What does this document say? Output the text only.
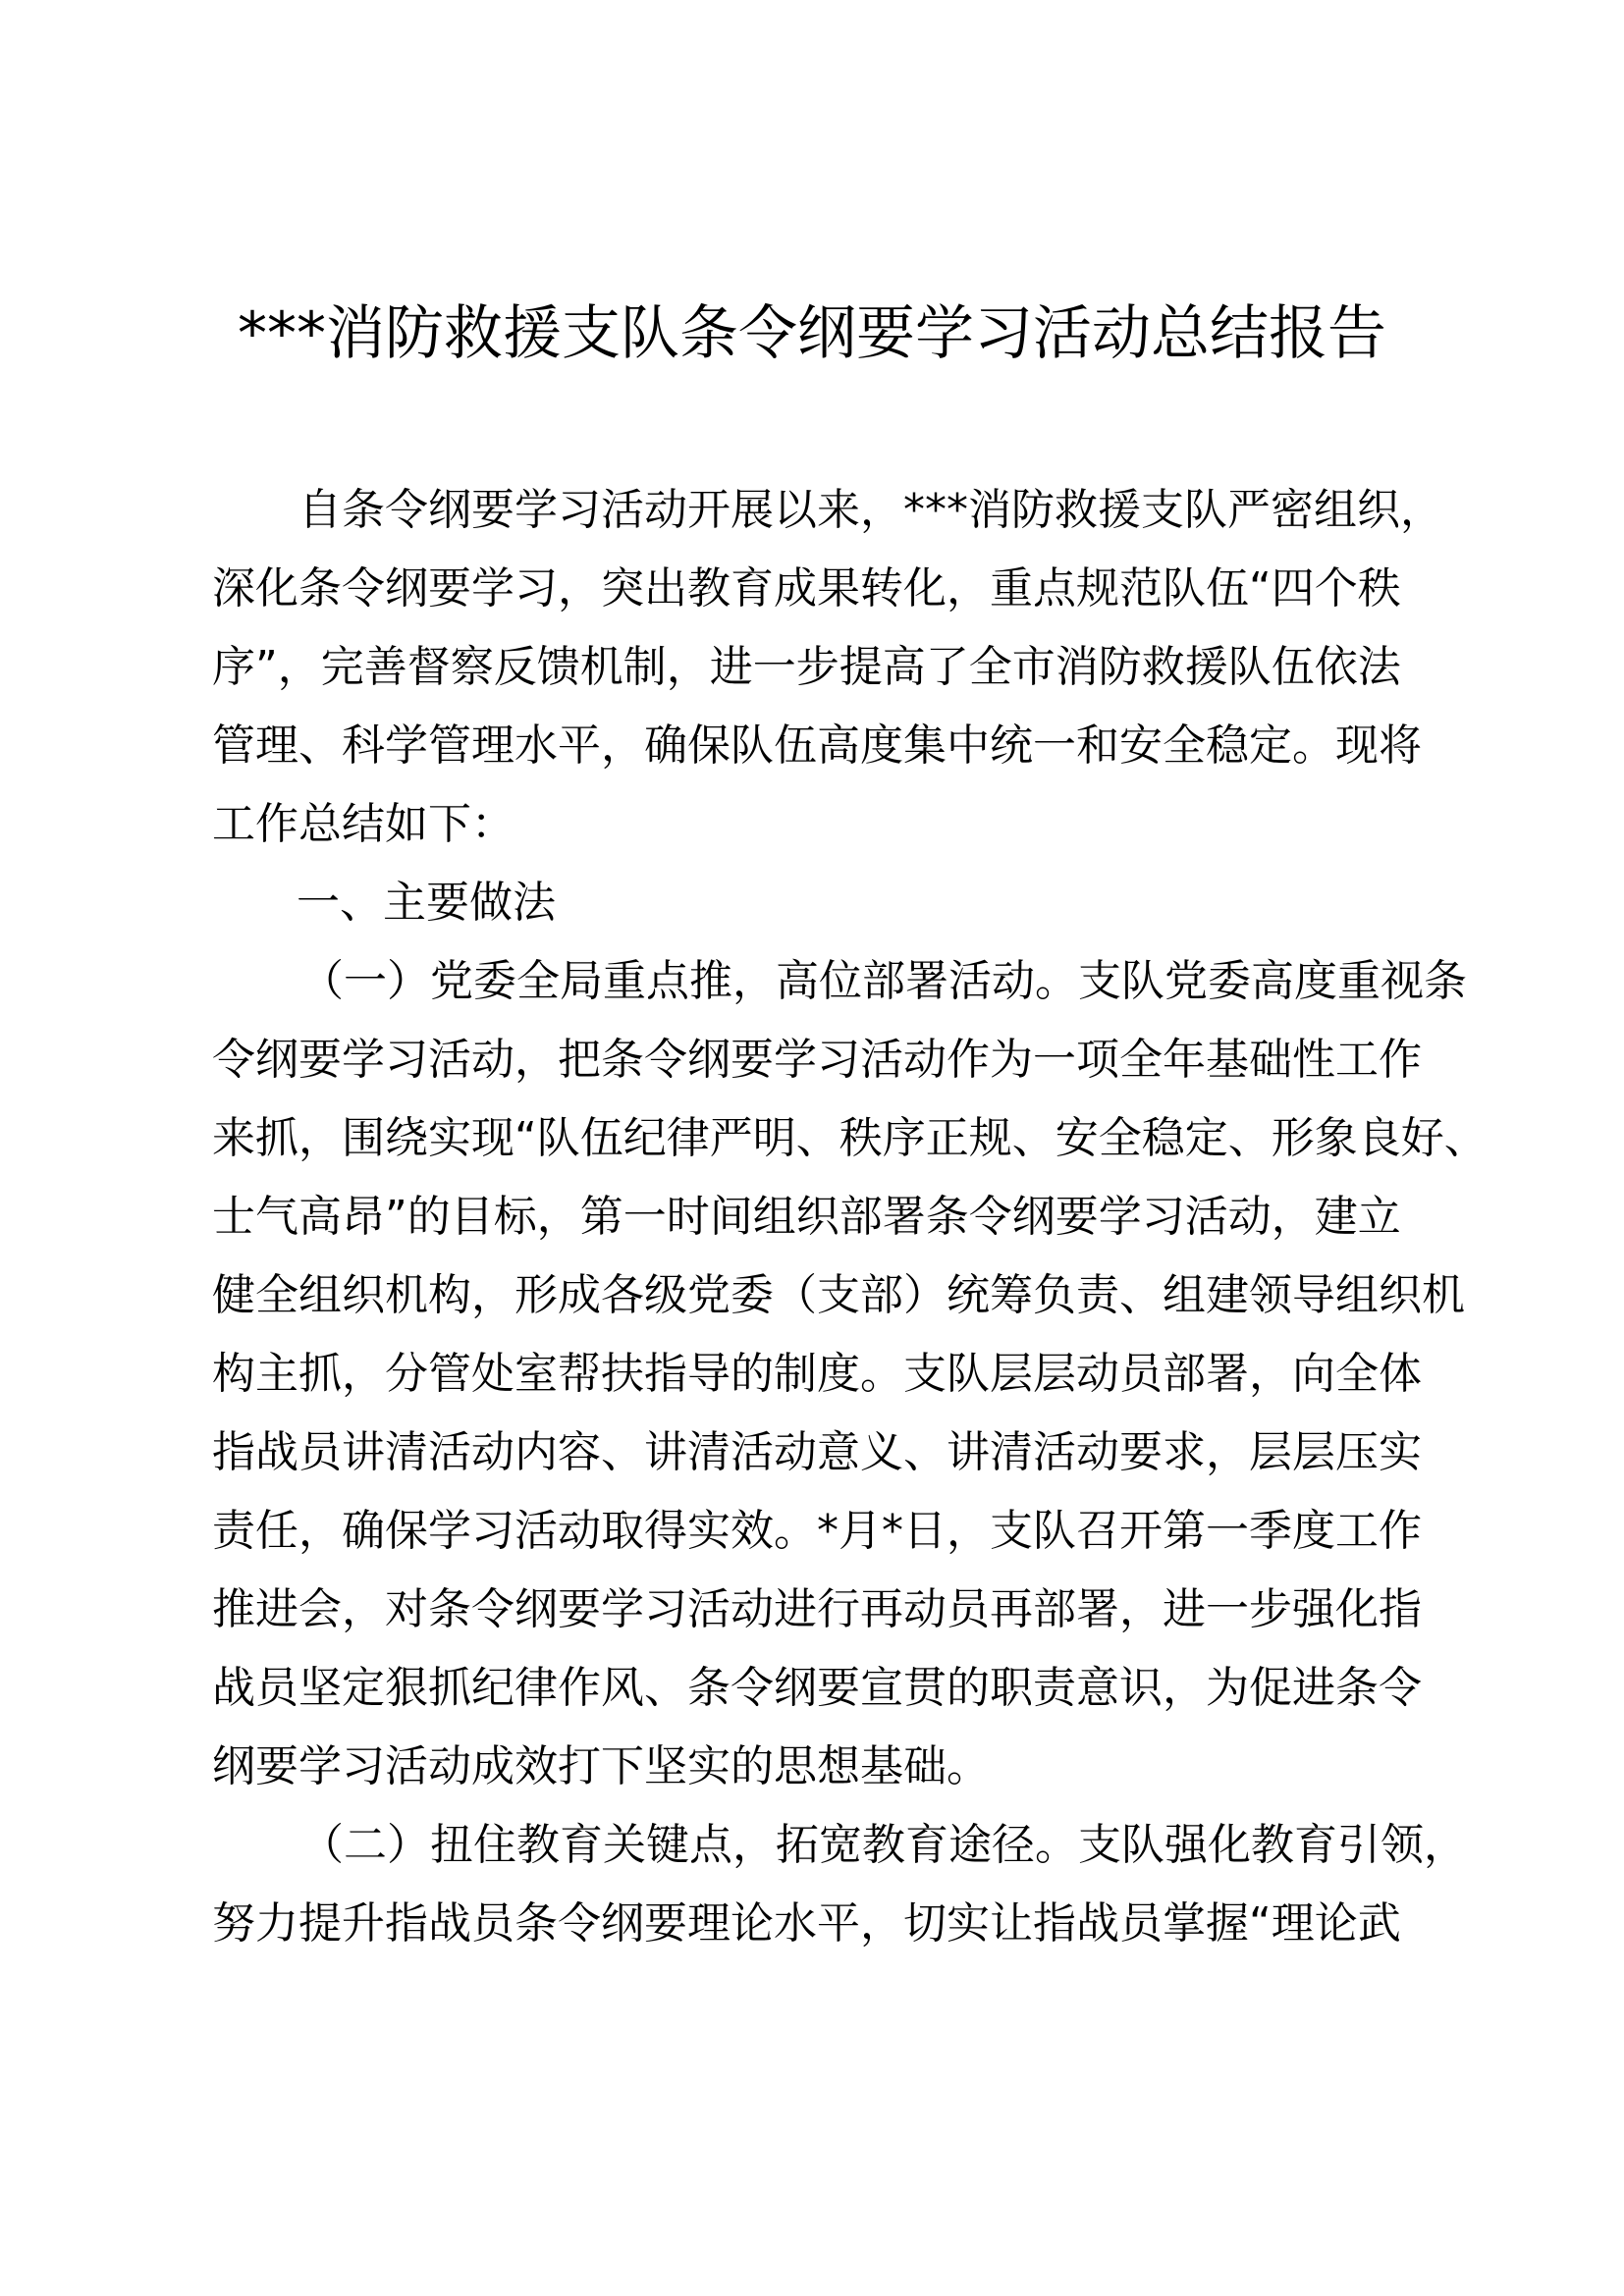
***消防救援支队条令纲要学习活动总结报告
自条令纲要学习活动开展以来，***消防救援支队严密组织，
深化条令纲要学习，突出教育成果转化，重点规范队伍“四个秩
序”，完善督察反馈机制，进一步提高了全市消防救援队伍依法
管理、科学管理水平，确保队伍高度集中统一和安全稳定。现将
工作总结如下：
一、主要做法
（一）党委全局重点推，高位部署活动。支队党委高度重视条
令纲要学习活动，把条令纲要学习活动作为一项全年基础性工作
来抓，围绕实现“队伍纪律严明、秩序正规、安全稳定、形象良好、
士气高昂”的目标，第一时间组织部署条令纲要学习活动，建立
健全组织机构，形成各级党委（支部）统筹负责、组建领导组织机
构主抓，分管处室帮扶指导的制度。支队层层动员部署，向全体
指战员讲清活动内容、讲清活动意义、讲清活动要求，层层压实
责任，确保学习活动取得实效。*月*日，支队召开第一季度工作
推进会，对条令纲要学习活动进行再动员再部署，进一步强化指
战员坚定狠抓纪律作风、条令纲要宣贯的职责意识，为促进条令
纲要学习活动成效打下坚实的思想基础。
（二）扭住教育关键点，拓宽教育途径。支队强化教育引领，
努力提升指战员条令纲要理论水平，切实让指战员掌握“理论武
